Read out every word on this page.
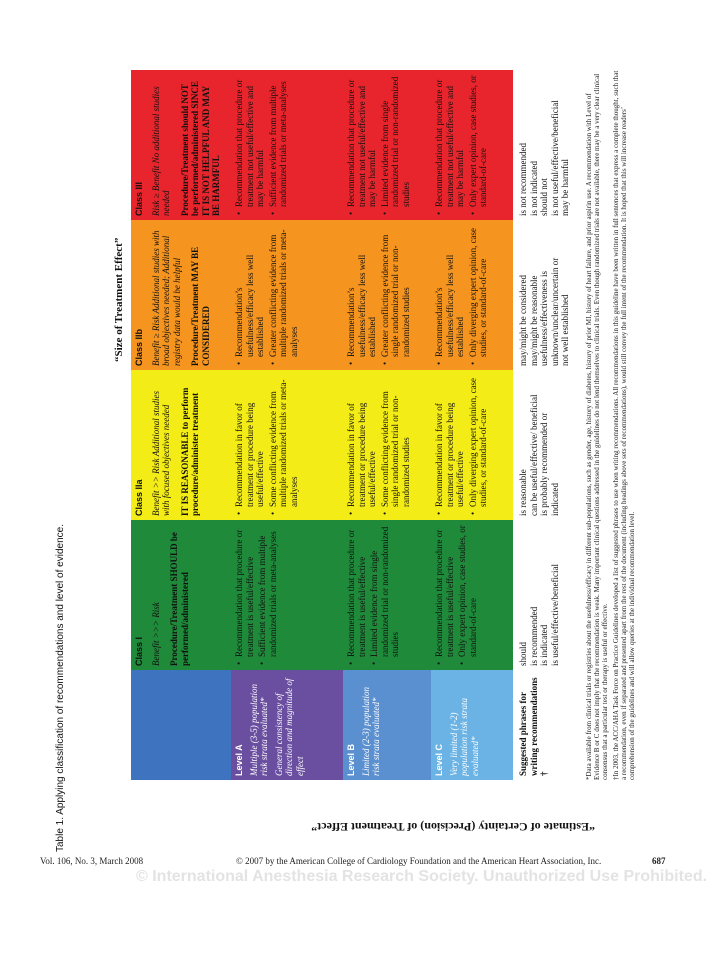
Table 1. Applying classification of recommendations and level of evidence.
“Size of Treatment Effect”
“Estimate of Certainty (Precision) of Treatment Effect”
Class I Benefit >>> Risk Procedure/Treatment SHOULD be performed/administered
Class IIa Benefit >> Risk Additional studies with focused objectives needed IT IS REASONABLE to perform procedure/administer treatment
Class IIb Benefit ≥ Risk Additional studies with broad objectives needed; Additional registry data would be helpful Procedure/Treatment MAY BE CONSIDERED
Class III Risk ≥ Benefit No additional studies needed Procedure/Treatment should NOT be performed/administered SINCE IT IS NOT HELPFUL AND MAY BE HARMFUL
Level A Multiple (3-5) population risk strata evaluated* General consistency of direction and magnitude of effect
• Recommendation that procedure or treatment is useful/effective • Sufficient evidence from multiple randomized trials or meta-analyses
• Recommendation in favor of treatment or procedure being useful/effective • Some conflicting evidence from multiple randomized trials or meta-analyses
• Recommendation’s usefulness/efficacy less well established • Greater conflicting evidence from multiple randomized trials or meta-analyses
• Recommendation that procedure or treatment not useful/effective and may be harmful • Sufficient evidence from multiple randomized trials or meta-analyses
Level B Limited (2-3) population risk strata evaluated*
• Recommendation that procedure or treatment is useful/effective • Limited evidence from single randomized trial or non-randomized studies
• Recommendation in favor of treatment or procedure being useful/effective • Some conflicting evidence from single randomized trial or non-randomized studies
• Recommendation’s usefulness/efficacy less well established • Greater conflicting evidence from single randomized trial or non-randomized studies
• Recommendation that procedure or treatment not useful/effective and may be harmful • Limited evidence from single randomized trial or non-randomized studies
Level C Very limited (1-2) population risk strata evaluated*
• Recommendation that procedure or treatment is useful/effective • Only expert opinion, case studies, or standard-of-care
• Recommendation in favor of treatment or procedure being useful/effective • Only diverging expert opinion, case studies, or standard-of-care
• Recommendation’s usefulness/efficacy less well established • Only diverging expert opinion, case studies, or standard-of-care
• Recommendation that procedure or treatment not useful/effective and may be harmful • Only expert opinion, case studies, or standard-of-care
Suggested phrases for writing recommendations †
should is recommended is indicated is useful/effective/beneficial
is reasonable can be useful/effective/ beneficial is probably recommended or indicated
may/might be considered may/might be reasonable usefulness/effectiveness is unknown/unclear/uncertain or not well established
is not recommended is not indicated should not is not useful/effective/beneficial may be harmful *Data available from clinical trials or registries about the usefulness/efficacy in different sub-populations, such as gender, age, history of diabetes, history of prior MI, history of heart failure, and prior aspirin use. A recommendation with Level of Evidence B or C does not imply that the recommendation is weak. Many important clinical questions addressed in the guidelines do not lend themselves to clinical trials. Even though randomized trials are not available, there may be a very clear clinical consensus that a particular test or therapy is useful or effective. †In 2003, the ACC/AHA Task Force on Practice Guidelines developed a list of suggested phrases to use when writing recommendations. All recommendations in this guideline have been written in full sentences that express a complete thought, such that a recommendation, even if separated and presented apart from the rest of the document (including headings above sets of recommendations), would still convey the full intent of the recommendation. It is hoped that this will increase readers’ comprehension of the guidelines and will allow queries at the individual recommendation level.

Vol. 106, No. 3, March 2008	© 2007 by the American College of Cardiology Foundation and the American Heart Association, Inc.	687
© International Anesthesia Research Society. Unauthorized Use Prohibited.
